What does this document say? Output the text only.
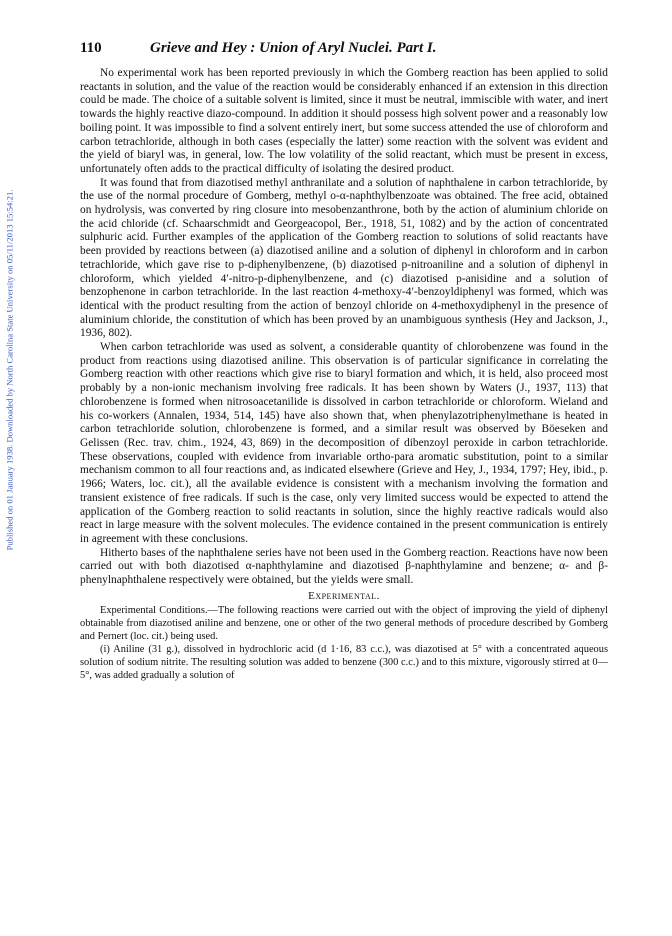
Published on 01 January 1938. Downloaded by North Carolina State University on 05/11/2013 15:54:21.
110	Grieve and Hey : Union of Aryl Nuclei. Part I.

No experimental work has been reported previously in which the Gomberg reaction has been applied to solid reactants in solution, and the value of the reaction would be considerably enhanced if an extension in this direction could be made. The choice of a suitable solvent is limited, since it must be neutral, immiscible with water, and inert towards the highly reactive diazo-compound. In addition it should possess high solvent power and a reasonably low boiling point. It was impossible to find a solvent entirely inert, but some success attended the use of chloroform and carbon tetrachloride, although in both cases (especially the latter) some reaction with the solvent was evident and the yield of biaryl was, in general, low. The low volatility of the solid reactant, which must be present in excess, unfortunately often adds to the practical difficulty of isolating the desired product.

It was found that from diazotised methyl anthranilate and a solution of naphthalene in carbon tetrachloride, by the use of the normal procedure of Gomberg, methyl o-α-naphthylbenzoate was obtained. The free acid, obtained on hydrolysis, was converted by ring closure into mesobenzanthrone, both by the action of aluminium chloride on the acid chloride (cf. Schaarschmidt and Georgeacopol, Ber., 1918, 51, 1082) and by the action of concentrated sulphuric acid. Further examples of the application of the Gomberg reaction to solutions of solid reactants have been provided by reactions between (a) diazotised aniline and a solution of diphenyl in chloroform and in carbon tetrachloride, which gave rise to p-diphenylbenzene, (b) diazotised p-nitroaniline and a solution of diphenyl in chloroform, which yielded 4′-nitro-p-diphenylbenzene, and (c) diazotised p-anisidine and a solution of benzophenone in carbon tetrachloride. In the last reaction 4-methoxy-4′-benzoyldiphenyl was formed, which was identical with the product resulting from the action of benzoyl chloride on 4-methoxydiphenyl in the presence of aluminium chloride, the constitution of which has been proved by an unambiguous synthesis (Hey and Jackson, J., 1936, 802).

When carbon tetrachloride was used as solvent, a considerable quantity of chlorobenzene was found in the product from reactions using diazotised aniline. This observation is of particular significance in correlating the Gomberg reaction with other reactions which give rise to biaryl formation and which, it is held, also proceed most probably by a non-ionic mechanism involving free radicals. It has been shown by Waters (J., 1937, 113) that chlorobenzene is formed when nitrosoacetanilide is dissolved in carbon tetrachloride or chloroform. Wieland and his co-workers (Annalen, 1934, 514, 145) have also shown that, when phenylazotriphenylmethane is heated in carbon tetrachloride solution, chlorobenzene is formed, and a similar result was observed by Böeseken and Gelissen (Rec. trav. chim., 1924, 43, 869) in the decomposition of dibenzoyl peroxide in carbon tetrachloride. These observations, coupled with evidence from invariable ortho-para aromatic substitution, point to a similar mechanism common to all four reactions and, as indicated elsewhere (Grieve and Hey, J., 1934, 1797; Hey, ibid., p. 1966; Waters, loc. cit.), all the available evidence is consistent with a mechanism involving the formation and transient existence of free radicals. If such is the case, only very limited success would be expected to attend the application of the Gomberg reaction to solid reactants in solution, since the highly reactive radicals would also react in large measure with the solvent molecules. The evidence contained in the present communication is entirely in agreement with these conclusions.

Hitherto bases of the naphthalene series have not been used in the Gomberg reaction. Reactions have now been carried out with both diazotised α-naphthylamine and diazotised β-naphthylamine and benzene; α- and β-phenylnaphthalene respectively were obtained, but the yields were small.

Experimental.

Experimental Conditions.—The following reactions were carried out with the object of improving the yield of diphenyl obtainable from diazotised aniline and benzene, one or other of the two general methods of procedure described by Gomberg and Pernert (loc. cit.) being used.

(i) Aniline (31 g.), dissolved in hydrochloric acid (d 1·16, 83 c.c.), was diazotised at 5° with a concentrated aqueous solution of sodium nitrite. The resulting solution was added to benzene (300 c.c.) and to this mixture, vigorously stirred at 0—5°, was added gradually a solution of
